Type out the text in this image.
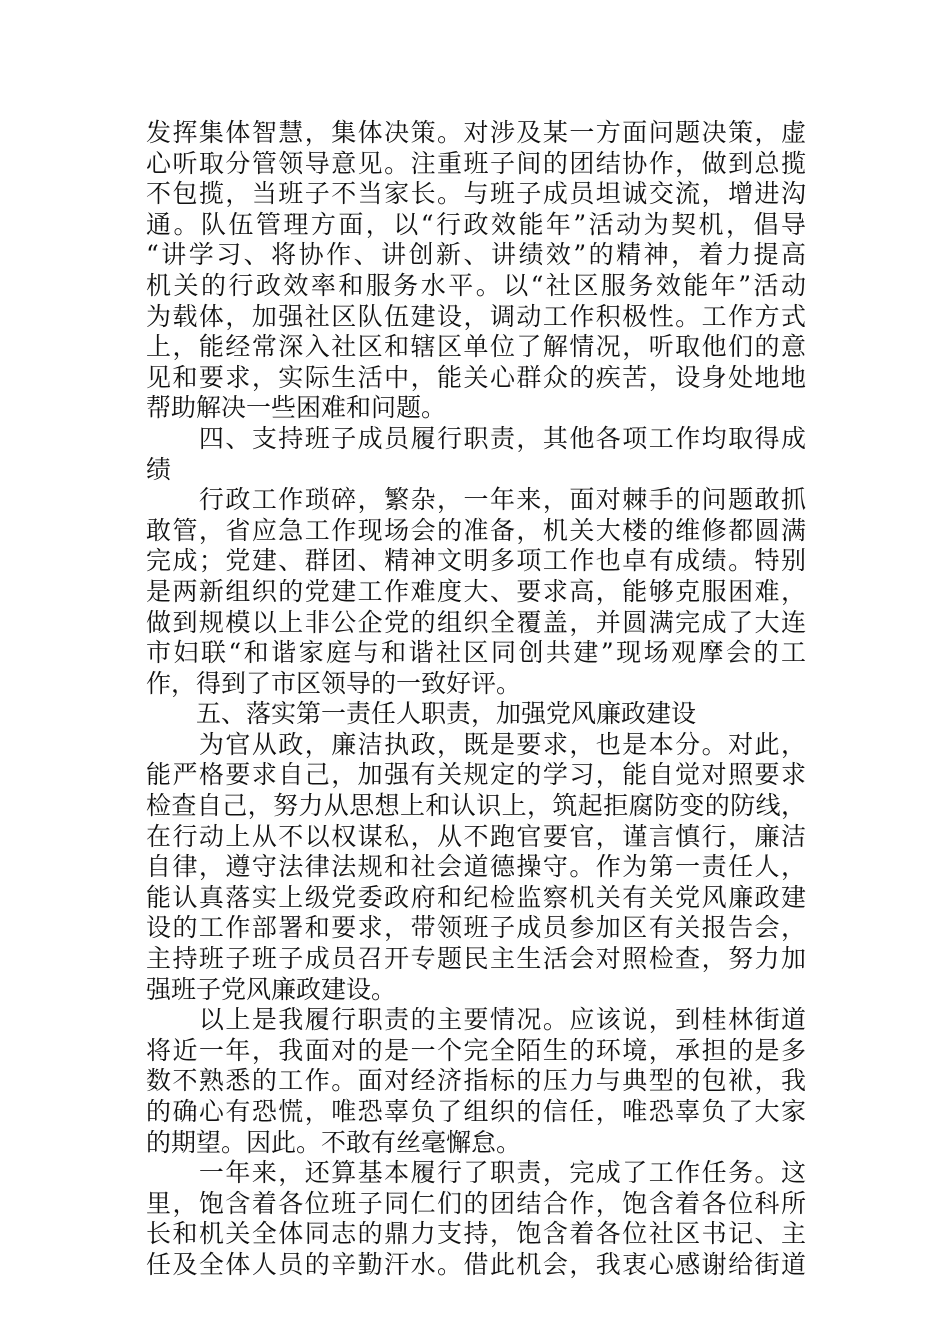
发挥集体智慧，集体决策。对涉及某一方面问题决策，虚
心听取分管领导意见。注重班子间的团结协作，做到总揽
不包揽，当班子不当家长。与班子成员坦诚交流，增进沟
通。队伍管理方面，以“行政效能年”活动为契机，倡导
“讲学习、将协作、讲创新、讲绩效”的精神，着力提高
机关的行政效率和服务水平。以“社区服务效能年”活动
为载体，加强社区队伍建设，调动工作积极性。工作方式
上，能经常深入社区和辖区单位了解情况，听取他们的意
见和要求，实际生活中，能关心群众的疾苦，设身处地地
帮助解决一些困难和问题。
　　四、支持班子成员履行职责，其他各项工作均取得成
绩
　　行政工作琐碎，繁杂，一年来，面对棘手的问题敢抓
敢管，省应急工作现场会的准备，机关大楼的维修都圆满
完成；党建、群团、精神文明多项工作也卓有成绩。特别
是两新组织的党建工作难度大、要求高，能够克服困难，
做到规模以上非公企党的组织全覆盖，并圆满完成了大连
市妇联“和谐家庭与和谐社区同创共建”现场观摩会的工
作，得到了市区领导的一致好评。
　　五、落实第一责任人职责，加强党风廉政建设
　　为官从政，廉洁执政，既是要求，也是本分。对此，
能严格要求自己，加强有关规定的学习，能自觉对照要求
检查自己，努力从思想上和认识上，筑起拒腐防变的防线，
在行动上从不以权谋私，从不跑官要官，谨言慎行，廉洁
自律，遵守法律法规和社会道德操守。作为第一责任人，
能认真落实上级党委政府和纪检监察机关有关党风廉政建
设的工作部署和要求，带领班子成员参加区有关报告会，
主持班子班子成员召开专题民主生活会对照检查，努力加
强班子党风廉政建设。
　　以上是我履行职责的主要情况。应该说，到桂林街道
将近一年，我面对的是一个完全陌生的环境，承担的是多
数不熟悉的工作。面对经济指标的压力与典型的包袱，我
的确心有恐慌，唯恐辜负了组织的信任，唯恐辜负了大家
的期望。因此。不敢有丝毫懈怠。
　　一年来，还算基本履行了职责，完成了工作任务。这
里，饱含着各位班子同仁们的团结合作，饱含着各位科所
长和机关全体同志的鼎力支持，饱含着各位社区书记、主
任及全体人员的辛勤汗水。借此机会，我衷心感谢给街道
